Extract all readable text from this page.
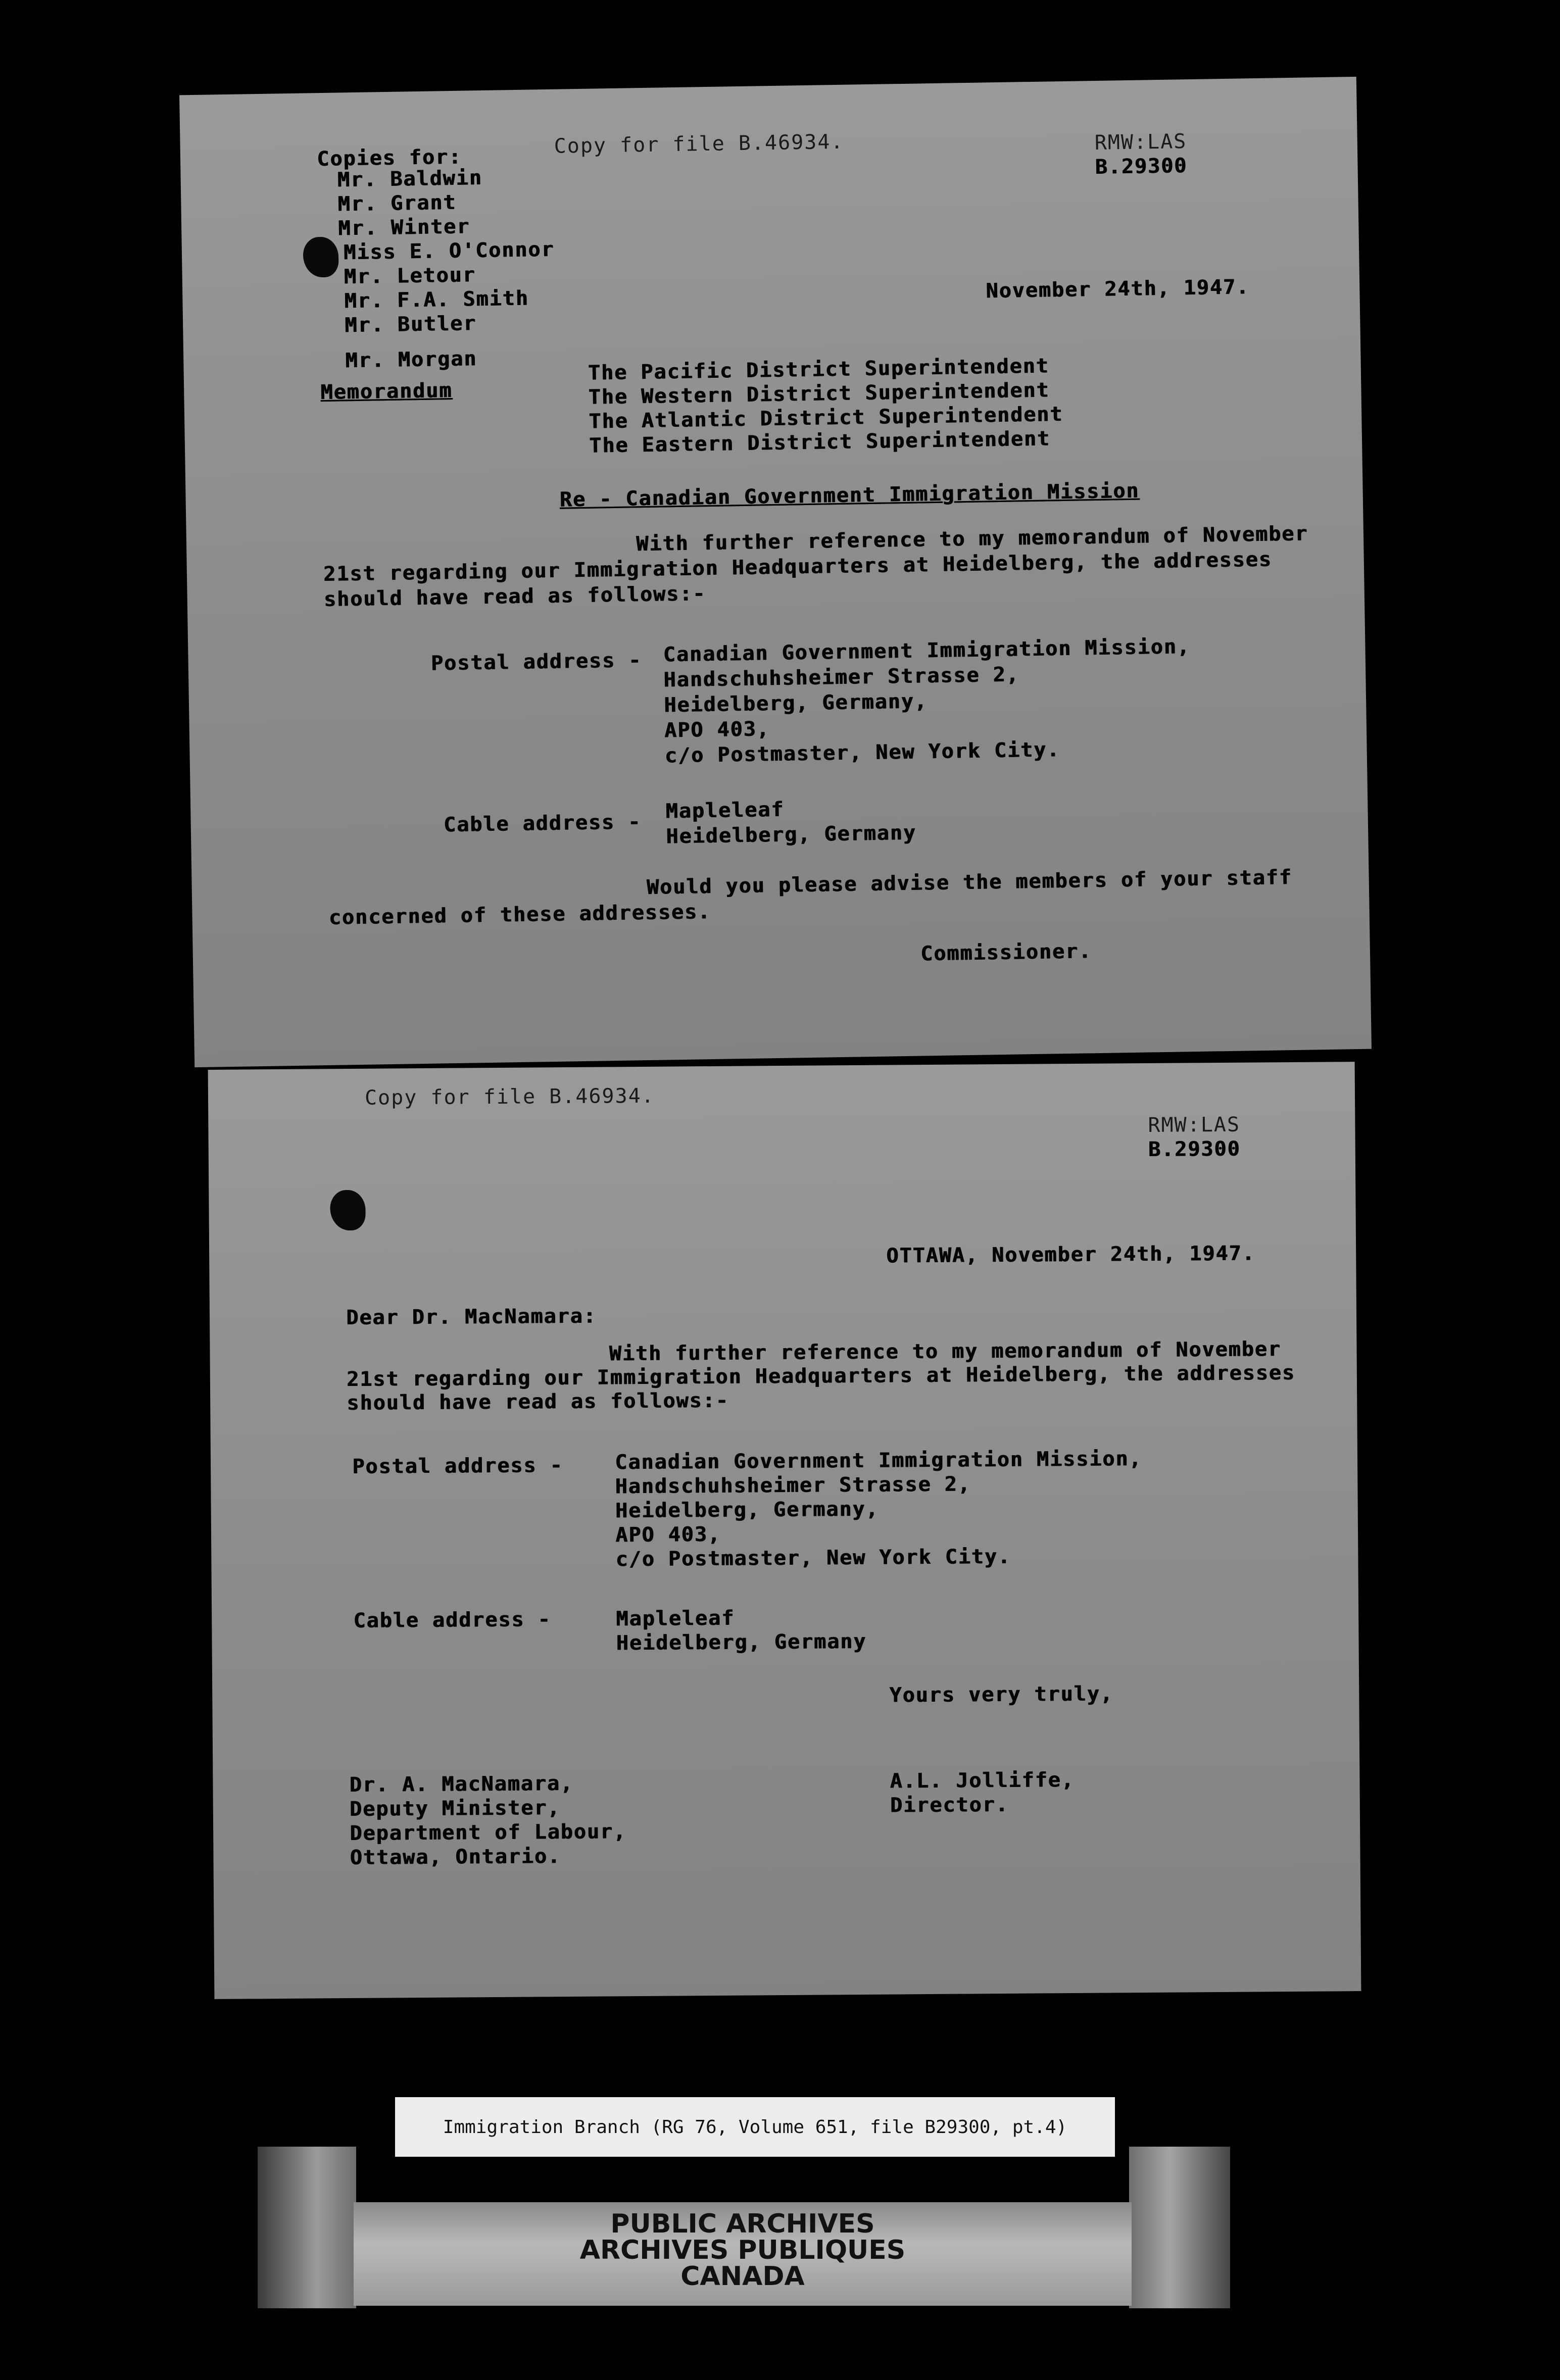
Copies for:
Copy for file B.46934.	RMW:LAS
B.29300
Mr. Baldwin
Mr. Grant
Mr. Winter
Miss E. O'Connor
Mr. Letour
Mr. F.A. Smith
Mr. Butler
Mr. Morgan
Memorandum
November 24th, 1947.
The Pacific District Superintendent
The Western District Superintendent
The Atlantic District Superintendent
The Eastern District Superintendent
Re - Canadian Government Immigration Mission
With further reference to my memorandum of November
21st regarding our Immigration Headquarters at Heidelberg, the addresses
should have read as follows:-
Postal address - Canadian Government Immigration Mission,
Handschuhsheimer Strasse 2,
Heidelberg, Germany,
APO 403,
c/o Postmaster, New York City.
Cable address - Mapleleaf
Heidelberg, Germany
Would you please advise the members of your staff
concerned of these addresses.
Commissioner.
Copy for file B.46934.
RMW:LAS
B.29300
OTTAWA, November 24th, 1947.
Dear Dr. MacNamara:
With further reference to my memorandum of November
21st regarding our Immigration Headquarters at Heidelberg, the addresses
should have read as follows:-
Postal address -	Canadian Government Immigration Mission,
Handschuhsheimer Strasse 2,
Heidelberg, Germany,
APO 403,
c/o Postmaster, New York City.
Cable address -	Mapleleaf
Heidelberg, Germany
Yours very truly,
Dr. A. MacNamara,
Deputy Minister,
Department of Labour,
Ottawa, Ontario.
A.L. Jolliffe,
Director.
Immigration Branch (RG 76, Volume 651, file B29300, pt.4)
PUBLIC ARCHIVES
ARCHIVES PUBLIQUES
CANADA
